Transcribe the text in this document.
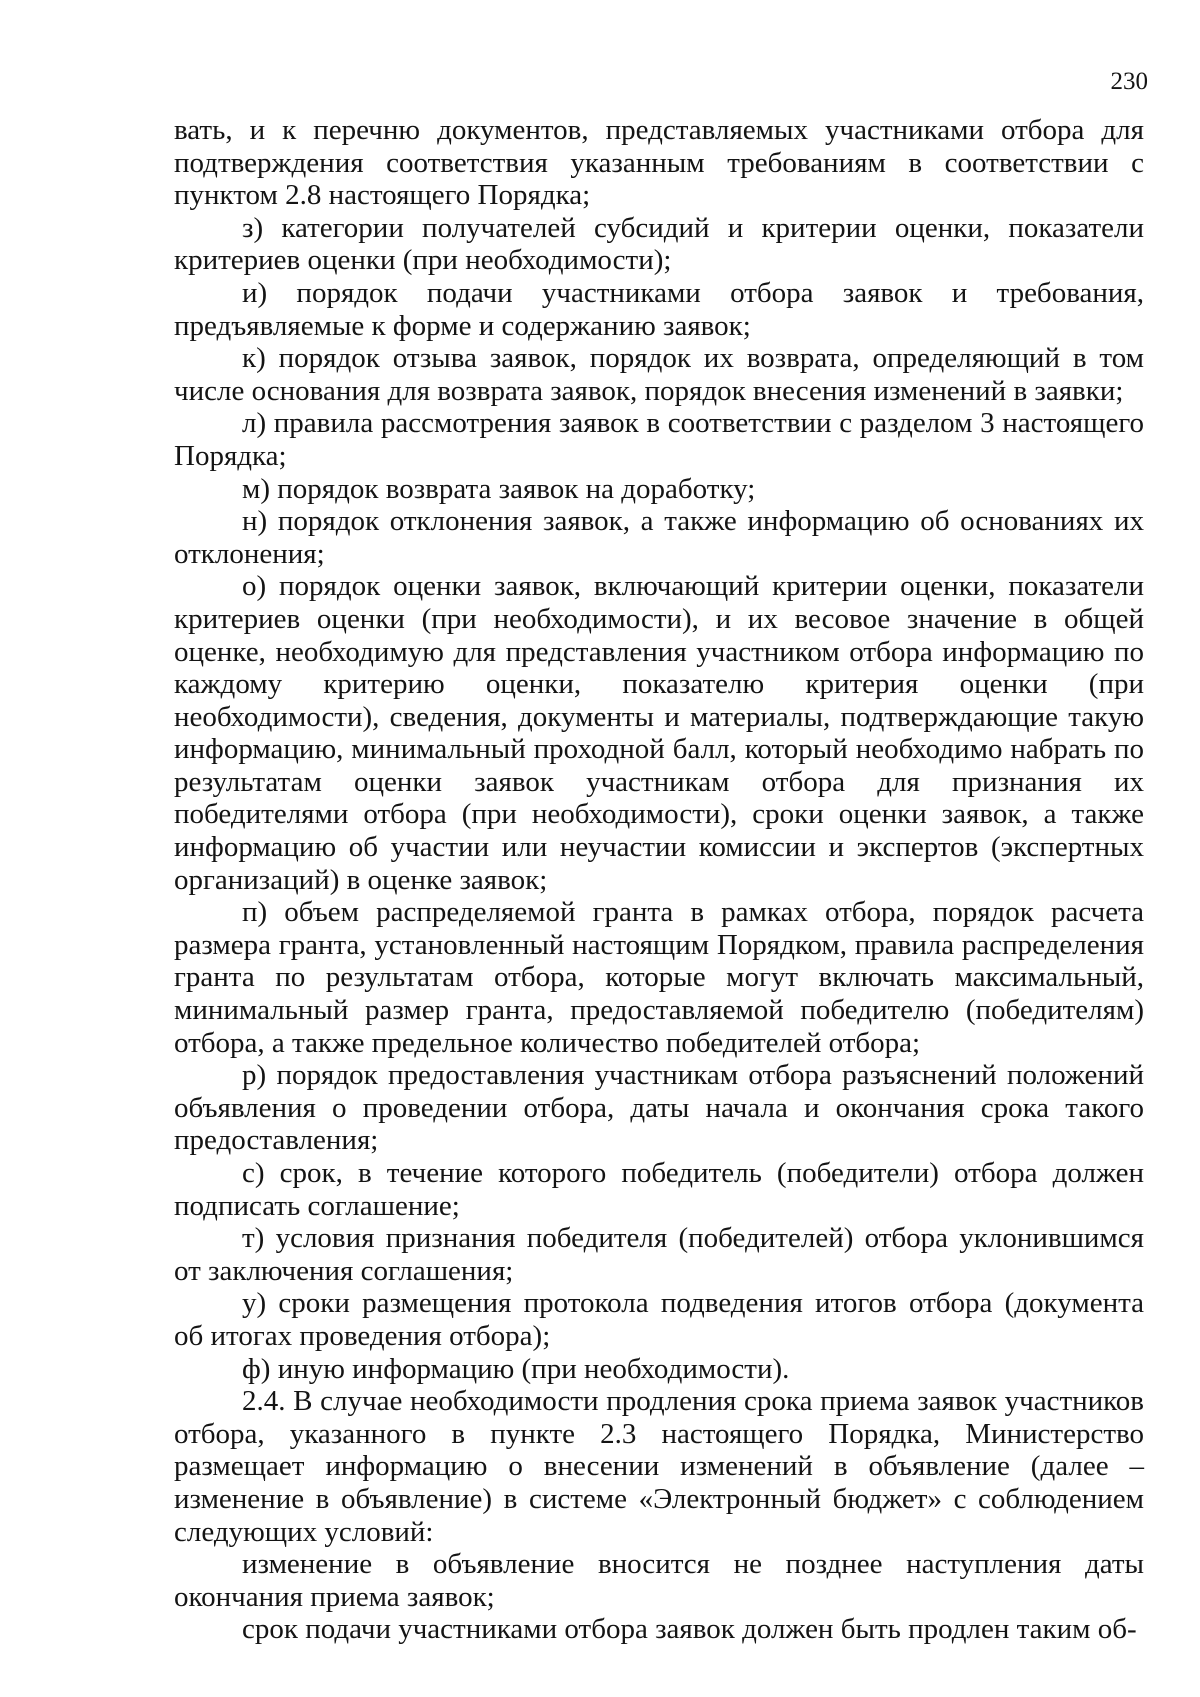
230

вать, и к перечню документов, представляемых участниками отбора для подтверждения соответствия указанным требованиям в соответствии с пунктом 2.8 настоящего Порядка;

з) категории получателей субсидий и критерии оценки, показатели критериев оценки (при необходимости);

и) порядок подачи участниками отбора заявок и требования, предъявляемые к форме и содержанию заявок;

к) порядок отзыва заявок, порядок их возврата, определяющий в том числе основания для возврата заявок, порядок внесения изменений в заявки;

л) правила рассмотрения заявок в соответствии с разделом 3 настоящего Порядка;

м) порядок возврата заявок на доработку;

н) порядок отклонения заявок, а также информацию об основаниях их отклонения;

о) порядок оценки заявок, включающий критерии оценки, показатели критериев оценки (при необходимости), и их весовое значение в общей оценке, необходимую для представления участником отбора информацию по каждому критерию оценки, показателю критерия оценки (при необходимости), сведения, документы и материалы, подтверждающие такую информацию, минимальный проходной балл, который необходимо набрать по результатам оценки заявок участникам отбора для признания их победителями отбора (при необходимости), сроки оценки заявок, а также информацию об участии или неучастии комиссии и экспертов (экспертных организаций) в оценке заявок;

п) объем распределяемой гранта в рамках отбора, порядок расчета размера гранта, установленный настоящим Порядком, правила распределения гранта по результатам отбора, которые могут включать максимальный, минимальный размер гранта, предоставляемой победителю (победителям) отбора, а также предельное количество победителей отбора;

р) порядок предоставления участникам отбора разъяснений положений объявления о проведении отбора, даты начала и окончания срока такого предоставления;

с) срок, в течение которого победитель (победители) отбора должен подписать соглашение;

т) условия признания победителя (победителей) отбора уклонившимся от заключения соглашения;

у) сроки размещения протокола подведения итогов отбора (документа об итогах проведения отбора);

ф) иную информацию (при необходимости).

2.4. В случае необходимости продления срока приема заявок участников отбора, указанного в пункте 2.3 настоящего Порядка, Министерство размещает информацию о внесении изменений в объявление (далее – изменение в объявление) в системе «Электронный бюджет» с соблюдением следующих условий:

изменение в объявление вносится не позднее наступления даты окончания приема заявок;

срок подачи участниками отбора заявок должен быть продлен таким об-
